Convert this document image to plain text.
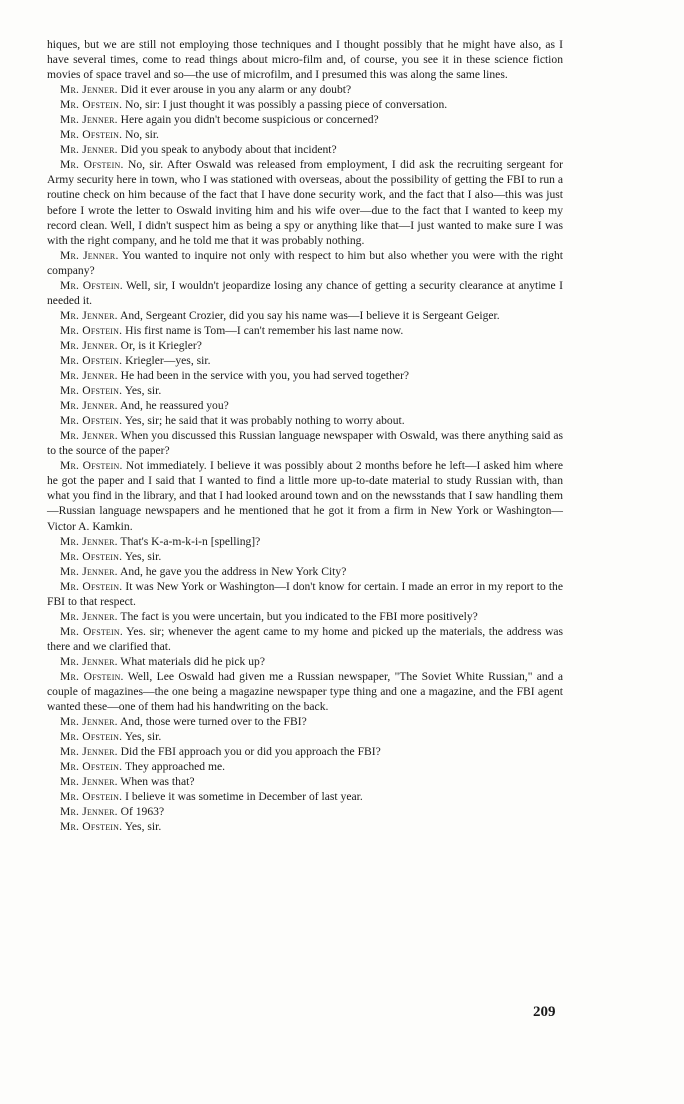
hiques, but we are still not employing those techniques and I thought possibly that he might have also, as I have several times, come to read things about micro-film and, of course, you see it in these science fiction movies of space travel and so—the use of microfilm, and I presumed this was along the same lines.

Mr. Jenner. Did it ever arouse in you any alarm or any doubt?

Mr. Ofstein. No, sir: I just thought it was possibly a passing piece of conversation.

Mr. Jenner. Here again you didn't become suspicious or concerned?

Mr. Ofstein. No, sir.

Mr. Jenner. Did you speak to anybody about that incident?

Mr. Ofstein. No, sir. After Oswald was released from employment, I did ask the recruiting sergeant for Army security here in town, who I was stationed with overseas, about the possibility of getting the FBI to run a routine check on him because of the fact that I have done security work, and the fact that I also—this was just before I wrote the letter to Oswald inviting him and his wife over—due to the fact that I wanted to keep my record clean. Well, I didn't suspect him as being a spy or anything like that—I just wanted to make sure I was with the right company, and he told me that it was probably nothing.

Mr. Jenner. You wanted to inquire not only with respect to him but also whether you were with the right company?

Mr. Ofstein. Well, sir, I wouldn't jeopardize losing any chance of getting a security clearance at anytime I needed it.

Mr. Jenner. And, Sergeant Crozier, did you say his name was—I believe it is Sergeant Geiger.

Mr. Ofstein. His first name is Tom—I can't remember his last name now.

Mr. Jenner. Or, is it Kriegler?

Mr. Ofstein. Kriegler—yes, sir.

Mr. Jenner. He had been in the service with you, you had served together?

Mr. Ofstein. Yes, sir.

Mr. Jenner. And, he reassured you?

Mr. Ofstein. Yes, sir; he said that it was probably nothing to worry about.

Mr. Jenner. When you discussed this Russian language newspaper with Oswald, was there anything said as to the source of the paper?

Mr. Ofstein. Not immediately. I believe it was possibly about 2 months before he left—I asked him where he got the paper and I said that I wanted to find a little more up-to-date material to study Russian with, than what you find in the library, and that I had looked around town and on the newsstands that I saw handling them—Russian language newspapers and he mentioned that he got it from a firm in New York or Washington—Victor A. Kamkin.

Mr. Jenner. That's K-a-m-k-i-n [spelling]?

Mr. Ofstein. Yes, sir.

Mr. Jenner. And, he gave you the address in New York City?

Mr. Ofstein. It was New York or Washington—I don't know for certain. I made an error in my report to the FBI to that respect.

Mr. Jenner. The fact is you were uncertain, but you indicated to the FBI more positively?

Mr. Ofstein. Yes. sir; whenever the agent came to my home and picked up the materials, the address was there and we clarified that.

Mr. Jenner. What materials did he pick up?

Mr. Ofstein. Well, Lee Oswald had given me a Russian newspaper, "The Soviet White Russian," and a couple of magazines—the one being a magazine newspaper type thing and one a magazine, and the FBI agent wanted these—one of them had his handwriting on the back.

Mr. Jenner. And, those were turned over to the FBI?

Mr. Ofstein. Yes, sir.

Mr. Jenner. Did the FBI approach you or did you approach the FBI?

Mr. Ofstein. They approached me.

Mr. Jenner. When was that?

Mr. Ofstein. I believe it was sometime in December of last year.

Mr. Jenner. Of 1963?

Mr. Ofstein. Yes, sir.

209
